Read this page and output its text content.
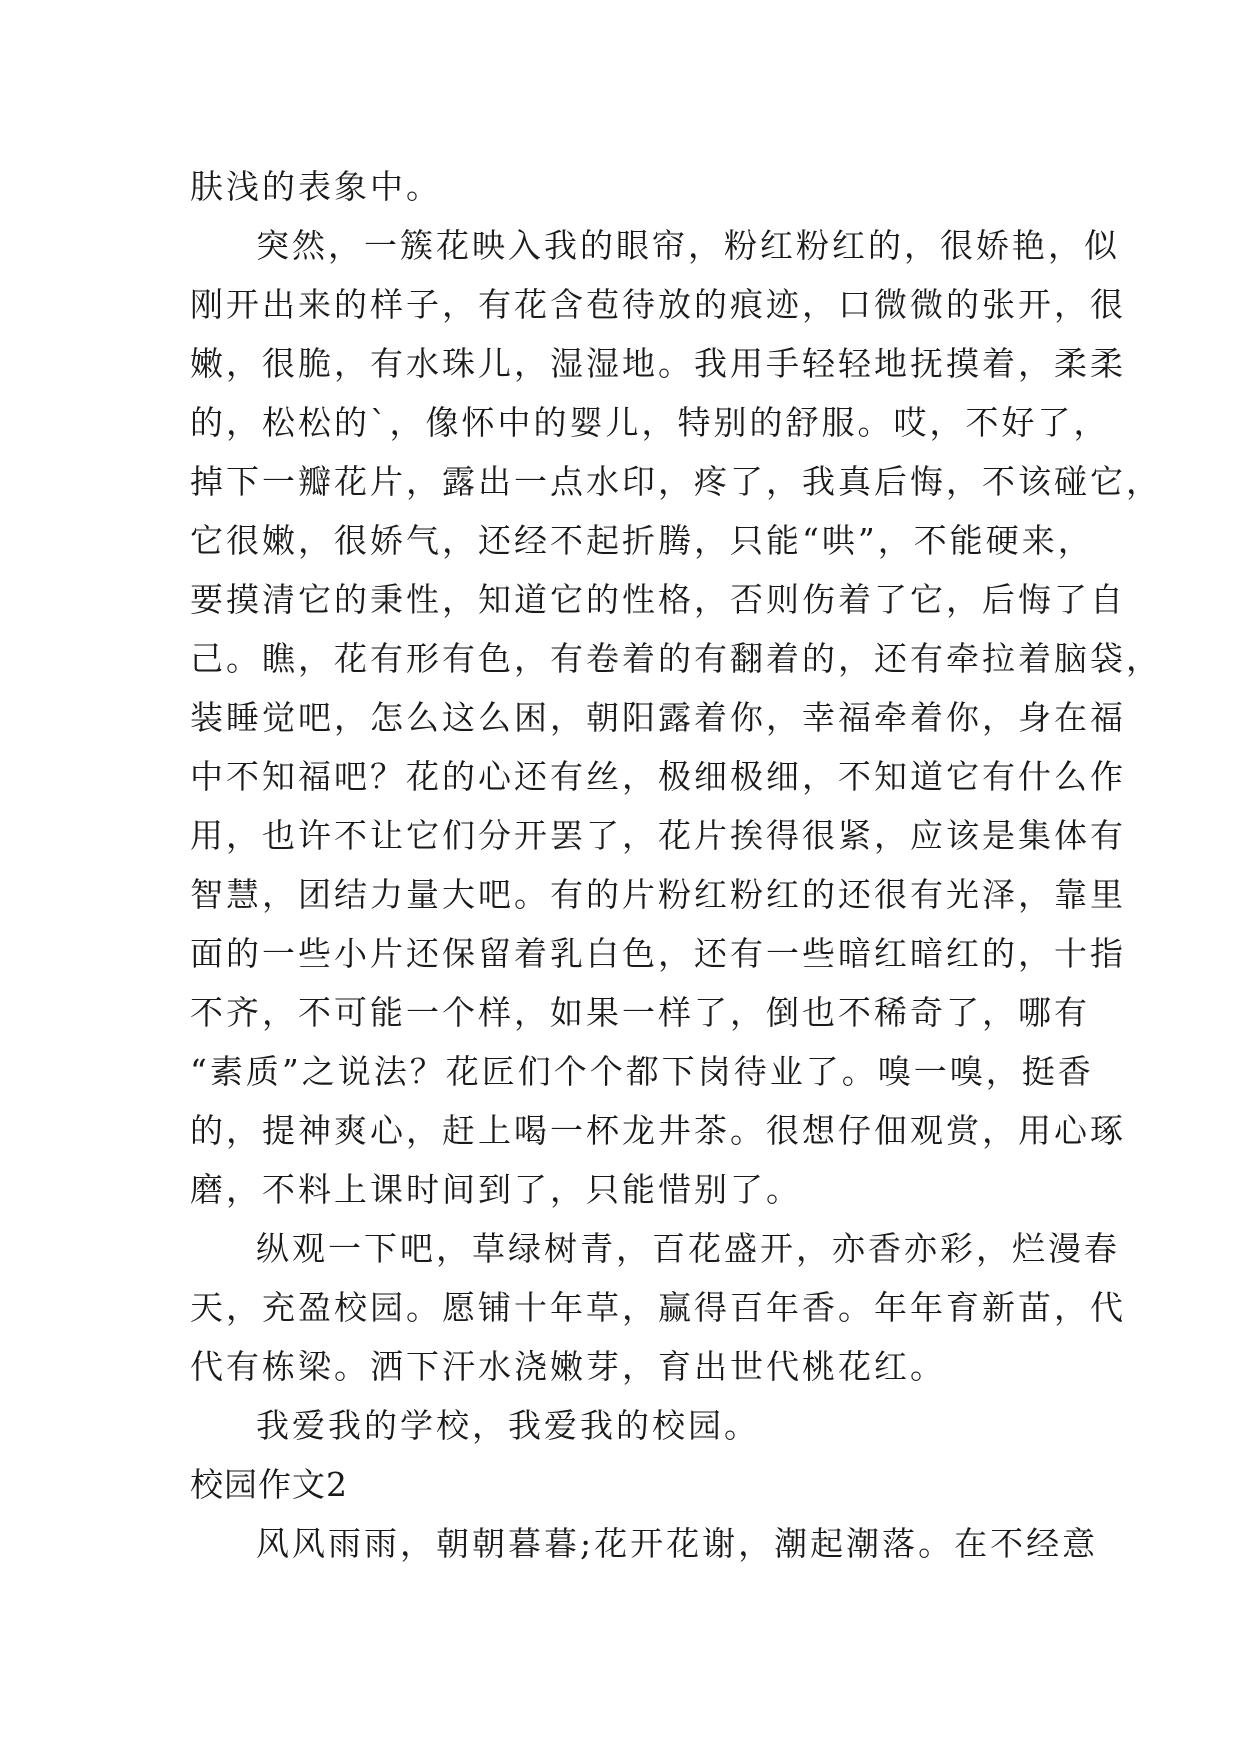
肤浅的表象中。
突然，一簇花映入我的眼帘，粉红粉红的，很娇艳，似
刚开出来的样子，有花含苞待放的痕迹，口微微的张开，很
嫩，很脆，有水珠儿，湿湿地。我用手轻轻地抚摸着，柔柔
的，松松的`，像怀中的婴儿，特别的舒服。哎，不好了，
掉下一瓣花片，露出一点水印，疼了，我真后悔，不该碰它，
它很嫩，很娇气，还经不起折腾，只能“哄”，不能硬来，
要摸清它的秉性，知道它的性格，否则伤着了它，后悔了自
己。瞧，花有形有色，有卷着的有翻着的，还有牵拉着脑袋，
装睡觉吧，怎么这么困，朝阳露着你，幸福牵着你，身在福
中不知福吧？花的心还有丝，极细极细，不知道它有什么作
用，也许不让它们分开罢了，花片挨得很紧，应该是集体有
智慧，团结力量大吧。有的片粉红粉红的还很有光泽，靠里
面的一些小片还保留着乳白色，还有一些暗红暗红的，十指
不齐，不可能一个样，如果一样了，倒也不稀奇了，哪有
“素质”之说法？花匠们个个都下岗待业了。嗅一嗅，挺香
的，提神爽心，赶上喝一杯龙井茶。很想仔佃观赏，用心琢
磨，不料上课时间到了，只能惜别了。
纵观一下吧，草绿树青，百花盛开，亦香亦彩，烂漫春
天，充盈校园。愿铺十年草，赢得百年香。年年育新苗，代
代有栋梁。洒下汗水浇嫩芽，育出世代桃花红。
我爱我的学校，我爱我的校园。
校园作文2
风风雨雨，朝朝暮暮;花开花谢，潮起潮落。在不经意
